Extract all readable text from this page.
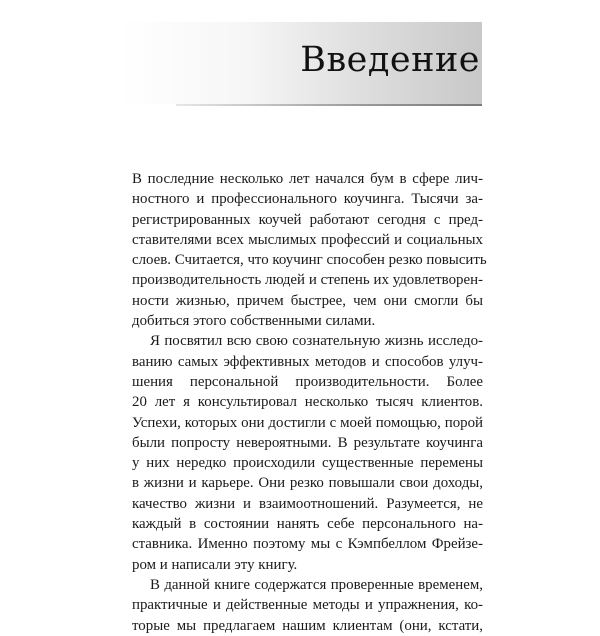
Введение

В последние несколько лет начался бум в сфере лич-
ностного и профессионального коучинга. Тысячи за-
регистрированных коучей работают сегодня с пред-
ставителями всех мыслимых профессий и социальных
слоев. Считается, что коучинг способен резко повысить
производительность людей и степень их удовлетворен-
ности жизнью, причем быстрее, чем они смогли бы
добиться этого собственными силами.

Я посвятил всю свою сознательную жизнь исследо-
ванию самых эффективных методов и способов улуч-
шения персональной производительности. Более
20 лет я консультировал несколько тысяч клиентов.
Успехи, которых они достигли с моей помощью, порой
были попросту невероятными. В результате коучинга
у них нередко происходили существенные перемены
в жизни и карьере. Они резко повышали свои доходы,
качество жизни и взаимоотношений. Разумеется, не
каждый в состоянии нанять себе персонального на-
ставника. Именно поэтому мы с Кэмпбеллом Фрейзе-
ром и написали эту книгу.

В данной книге содержатся проверенные временем,
практичные и действенные методы и упражнения, ко-
торые мы предлагаем нашим клиентам (они, кстати,
